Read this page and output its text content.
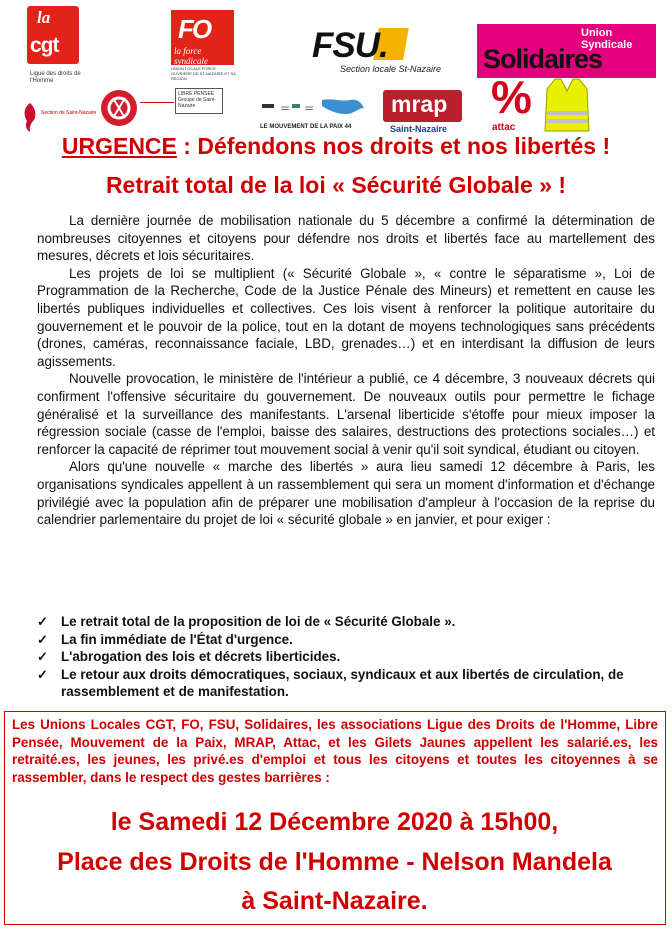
la
cgt
Ligue des droits de l'Homme
Section de Saint-Nazaire
FO
la force syndicale
UNION LOCALE FORCE OUVRIÈRE DE ST-NAZAIRE ET SA RÉGION
FSU.
Section locale St-Nazaire
Union
Syndicale
Solidaires
LIBRE PENSEE Groupe de Saint-Nazaire	= =
LE MOUVEMENT DE LA PAIX 44
mrap
Saint-Nazaire
%
attac
URGENCE : Défendons nos droits et nos libertés !
Retrait total de la loi « Sécurité Globale » !

La dernière journée de mobilisation nationale du 5 décembre a confirmé la détermination de nombreuses citoyennes et citoyens pour défendre nos droits et libertés face au martellement des mesures, décrets et lois sécuritaires.

Les projets de loi se multiplient (« Sécurité Globale », « contre le séparatisme », Loi de Programmation de la Recherche, Code de la Justice Pénale des Mineurs) et remettent en cause les libertés publiques individuelles et collectives. Ces lois visent à renforcer la politique autoritaire du gouvernement et le pouvoir de la police, tout en la dotant de moyens technologiques sans précédents (drones, caméras, reconnaissance faciale, LBD, grenades…) et en interdisant la diffusion de leurs agissements.

Nouvelle provocation, le ministère de l'intérieur a publié, ce 4 décembre, 3 nouveaux décrets qui confirment l'offensive sécuritaire du gouvernement. De nouveaux outils pour permettre le fichage généralisé et la surveillance des manifestants. L'arsenal liberticide s'étoffe pour mieux imposer la régression sociale (casse de l'emploi, baisse des salaires, destructions des protections sociales…) et renforcer la capacité de réprimer tout mouvement social à venir qu'il soit syndical, étudiant ou citoyen.

Alors qu'une nouvelle « marche des libertés » aura lieu samedi 12 décembre à Paris, les organisations syndicales appellent à un rassemblement qui sera un moment d'information et d'échange privilégié avec la population afin de préparer une mobilisation d'ampleur à l'occasion de la reprise du calendrier parlementaire du projet de loi « sécurité globale » en janvier, et pour exiger :

✓ Le retrait total de la proposition de loi de « Sécurité Globale ».
✓ La fin immédiate de l'État d'urgence.
✓ L'abrogation des lois et décrets liberticides.
✓ Le retour aux droits démocratiques, sociaux, syndicaux et aux libertés de circulation, de rassemblement et de manifestation.
Les Unions Locales CGT, FO, FSU, Solidaires, les associations Ligue des Droits de l'Homme, Libre Pensée, Mouvement de la Paix, MRAP, Attac, et les Gilets Jaunes appellent les salarié.es, les retraité.es, les jeunes, les privé.es d'emploi et tous les citoyens et toutes les citoyennes à se rassembler, dans le respect des gestes barrières :
le Samedi 12 Décembre 2020 à 15h00,
Place des Droits de l'Homme - Nelson Mandela
à Saint-Nazaire.
